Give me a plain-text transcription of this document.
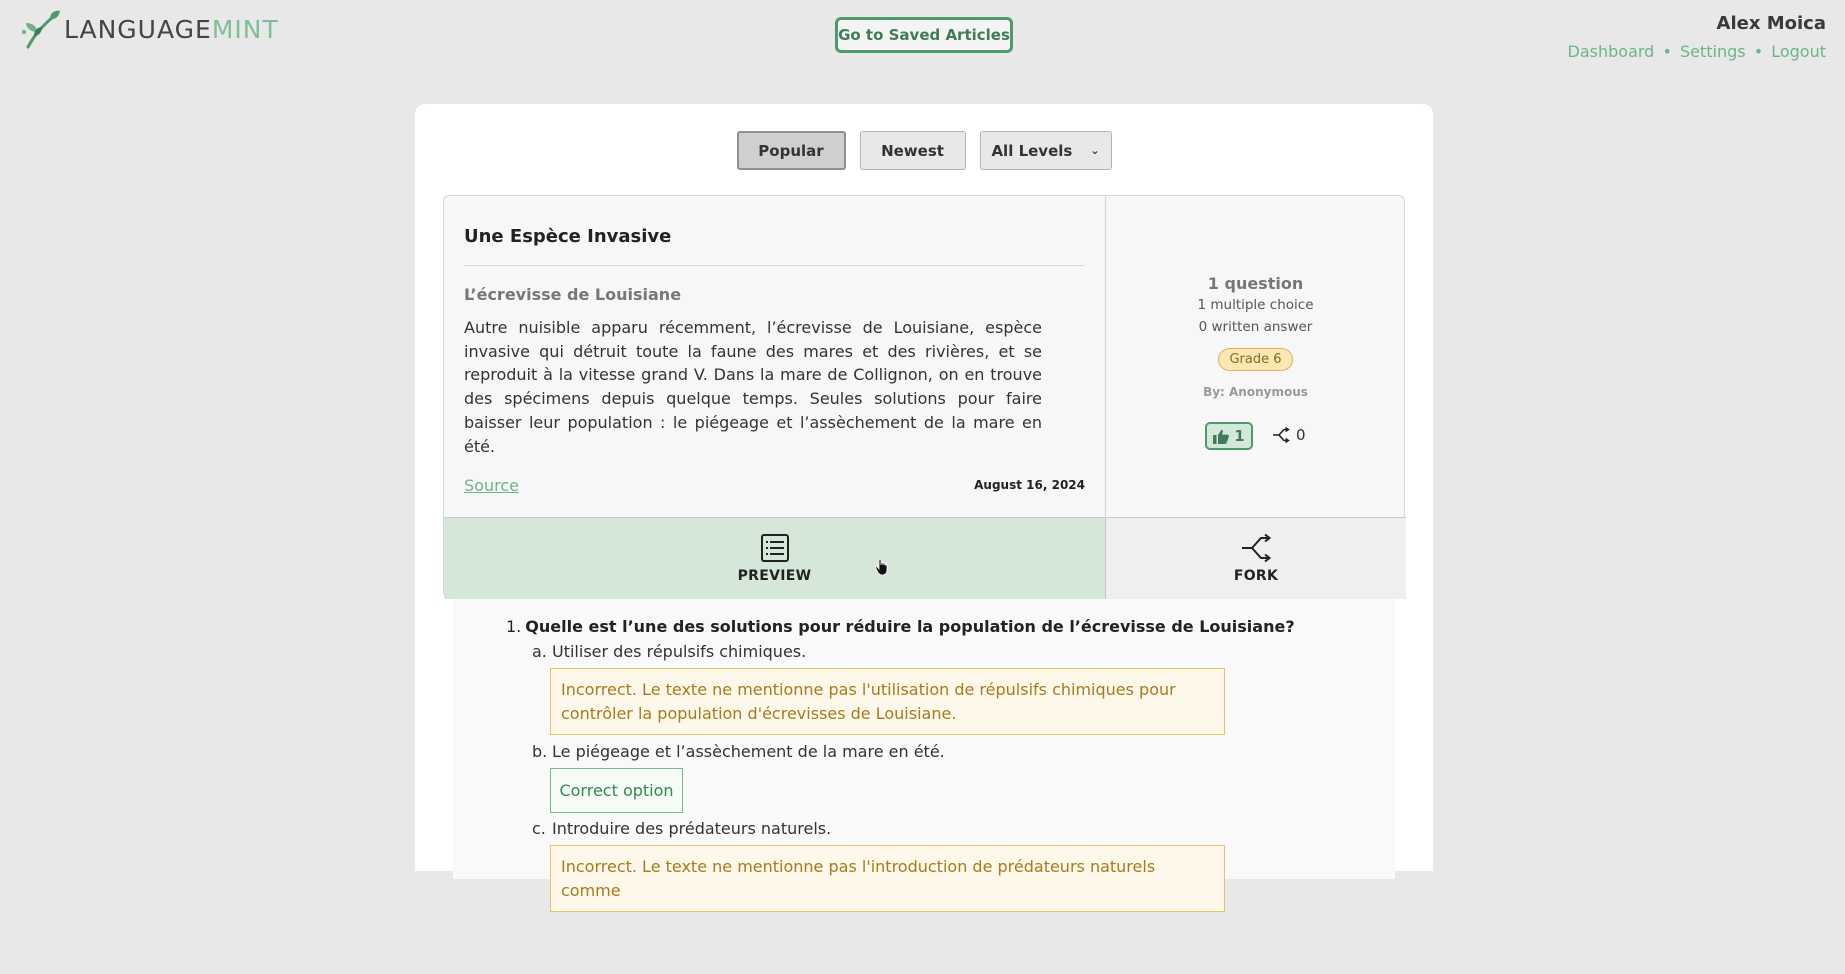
LANGUAGEMINT	Go to Saved Articles
Alex Moica
Dashboard • Settings • Logout
Popular	Newest	All Levels ⌄
Une Espèce Invasive
L’écrevisse de Louisiane
Autre nuisible apparu récemment, l’écrevisse de Louisiane, espèce invasive qui détruit toute la faune des mares et des rivières, et se reproduit à la vitesse grand V. Dans la mare de Collignon, on en trouve des spécimens depuis quelque temps. Seules solutions pour faire baisser leur population : le piégeage et l’assèchement de la mare en été.
Source	August 16, 2024
1 question
1 multiple choice
0 written answer
Grade 6
By: Anonymous
1	0
PREVIEW	FORK
1. Quelle est l’une des solutions pour réduire la population de l’écrevisse de Louisiane?
a. Utiliser des répulsifs chimiques.
Incorrect. Le texte ne mentionne pas l'utilisation de répulsifs chimiques pour contrôler la population d'écrevisses de Louisiane.
b. Le piégeage et l’assèchement de la mare en été.
Correct option
c. Introduire des prédateurs naturels.
Incorrect. Le texte ne mentionne pas l'introduction de prédateurs naturels comme
